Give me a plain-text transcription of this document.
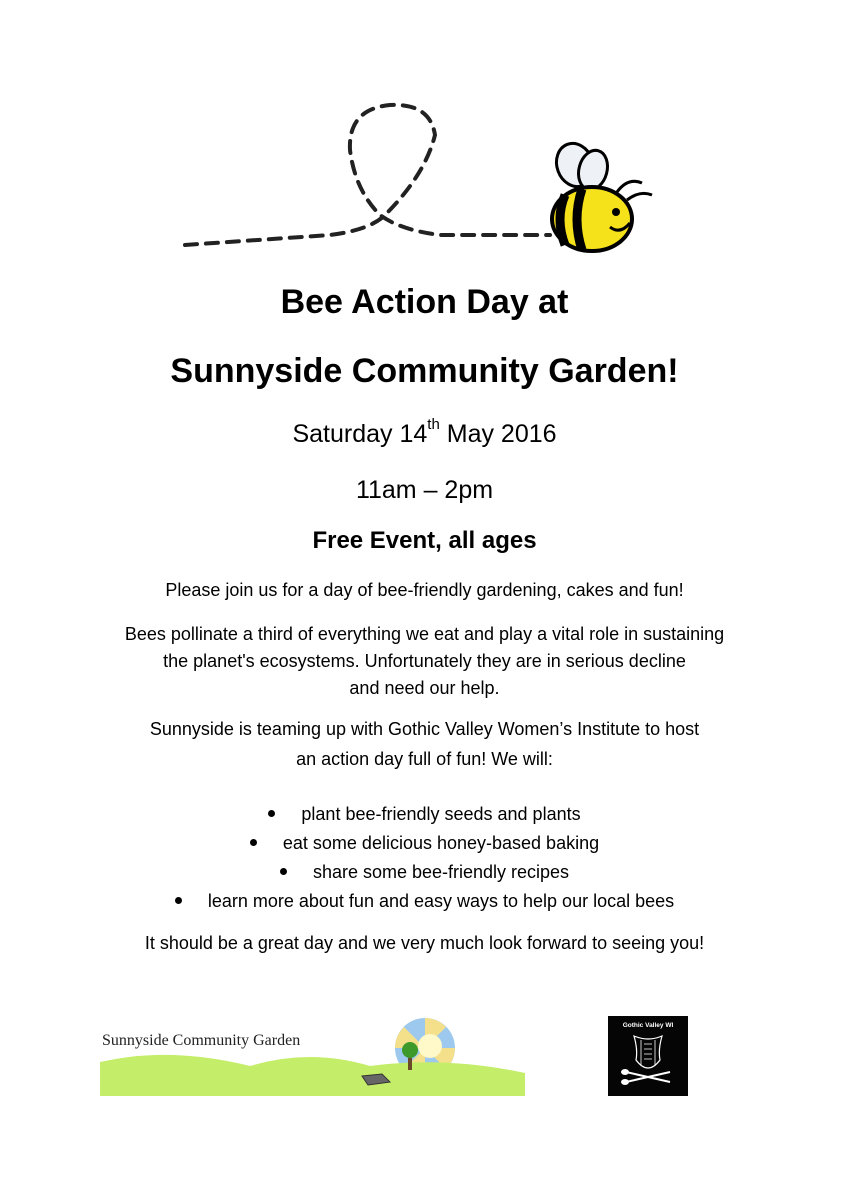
Bee Action Day at
Sunnyside Community Garden!
Saturday 14th May 2016
11am – 2pm
Free Event, all ages
Please join us for a day of bee-friendly gardening, cakes and fun!
Bees pollinate a third of everything we eat and play a vital role in sustaining
the planet's ecosystems. Unfortunately they are in serious decline
and need our help.
Sunnyside is teaming up with Gothic Valley Women’s Institute to host
an action day full of fun! We will:
plant bee-friendly seeds and plants
eat some delicious honey-based baking
share some bee-friendly recipes
learn more about fun and easy ways to help our local bees
It should be a great day and we very much look forward to seeing you!
Sunnyside Community Garden
Gothic Valley WI
